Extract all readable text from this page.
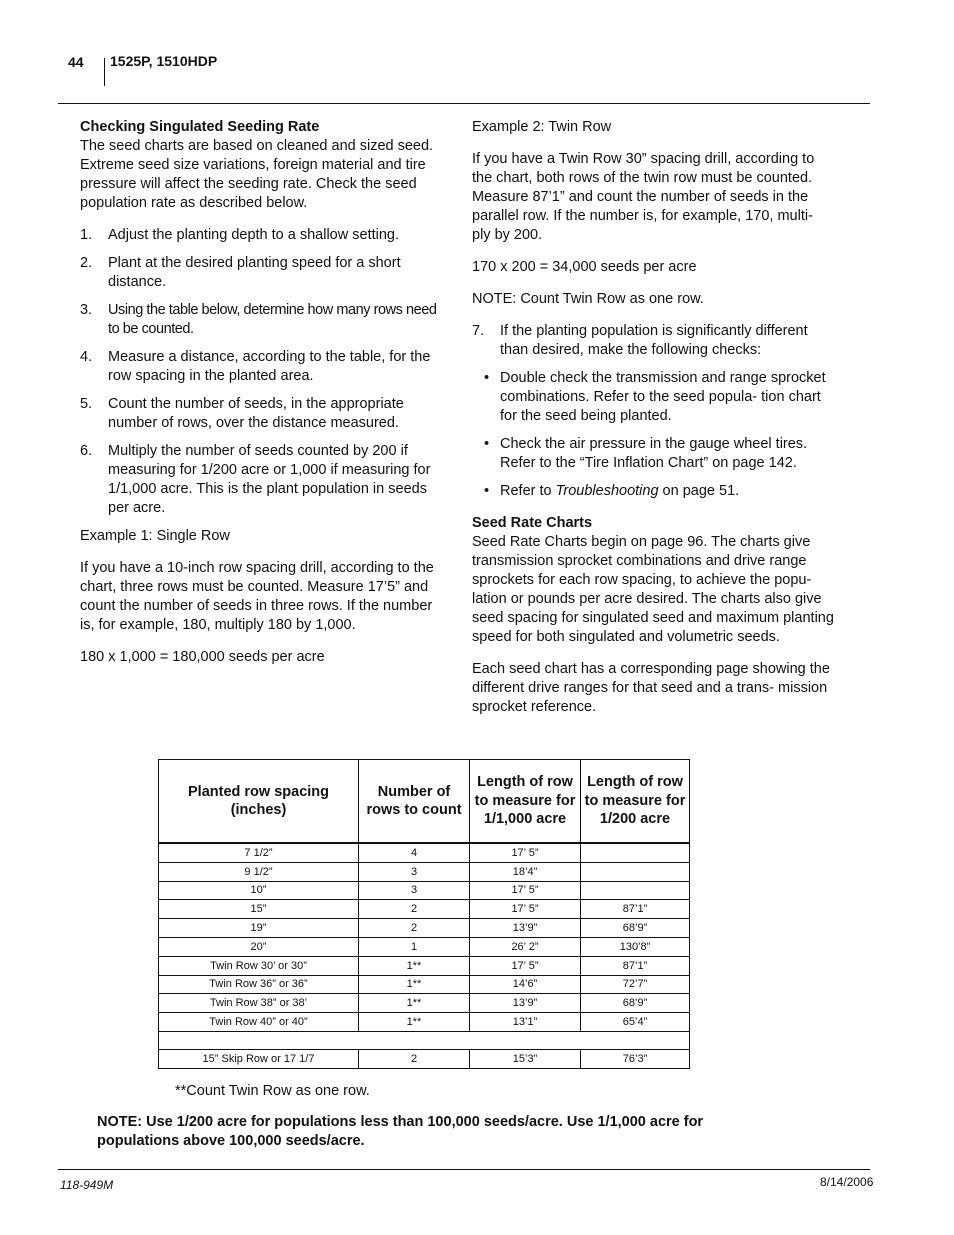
44 1525P, 1510HDP

Checking Singulated Seeding Rate
The seed charts are based on cleaned and sized seed. Extreme seed size variations, foreign material and tire pressure will affect the seeding rate. Check the seed population rate as described below.

1. Adjust the planting depth to a shallow setting.
2. Plant at the desired planting speed for a short distance.
3. Using the table below, determine how many rows need to be counted.
4. Measure a distance, according to the table, for the row spacing in the planted area.
5. Count the number of seeds, in the appropriate number of rows, over the distance measured.
6. Multiply the number of seeds counted by 200 if measuring for 1/200 acre or 1,000 if measuring for 1/1,000 acre. This is the plant population in seeds per acre.

Example 1: Single Row

If you have a 10-inch row spacing drill, according to the chart, three rows must be counted. Measure 17’5” and count the number of seeds in three rows. If the number is, for example, 180, multiply 180 by 1,000.

180 x 1,000 = 180,000 seeds per acre

Example 2: Twin Row

If you have a Twin Row 30” spacing drill, according to the chart, both rows of the twin row must be counted. Measure 87’1” and count the number of seeds in the parallel row. If the number is, for example, 170, multi- ply by 200.

170 x 200 = 34,000 seeds per acre

NOTE: Count Twin Row as one row.

7. If the planting population is significantly different than desired, make the following checks:
• Double check the transmission and range sprocket combinations. Refer to the seed popula- tion chart for the seed being planted.
• Check the air pressure in the gauge wheel tires. Refer to the “Tire Inflation Chart” on page 142.
• Refer to Troubleshooting on page 51.

Seed Rate Charts
Seed Rate Charts begin on page 96. The charts give transmission sprocket combinations and drive range sprockets for each row spacing, to achieve the popu- lation or pounds per acre desired. The charts also give seed spacing for singulated seed and maximum planting speed for both singulated and volumetric seeds.

Each seed chart has a corresponding page showing the different drive ranges for that seed and a trans- mission sprocket reference.

Planted row spacing (inches)	Number of rows to count	Length of row to measure for 1/1,000 acre	Length of row to measure for 1/200 acre
7 1/2”	4	17’ 5”	
9 1/2”	3	18’4”	
10”	3	17’ 5”	
15”	2	17’ 5”	87’1”
19”	2	13’9”	68’9”
20”	1	26’ 2”	130’8”
Twin Row 30’ or 30”	1**	17’ 5”	87’1”
Twin Row 36” or 36”	1**	14’6”	72’7”
Twin Row 38” or 38’	1**	13’9”	68’9”
Twin Row 40” or 40”	1**	13’1”	65’4”

15” Skip Row or 17 1/7	2	15’3”	76’3”
**Count Twin Row as one row.
NOTE: Use 1/200 acre for populations less than 100,000 seeds/acre. Use 1/1,000 acre for populations above 100,000 seeds/acre.
118-949M	8/14/2006
